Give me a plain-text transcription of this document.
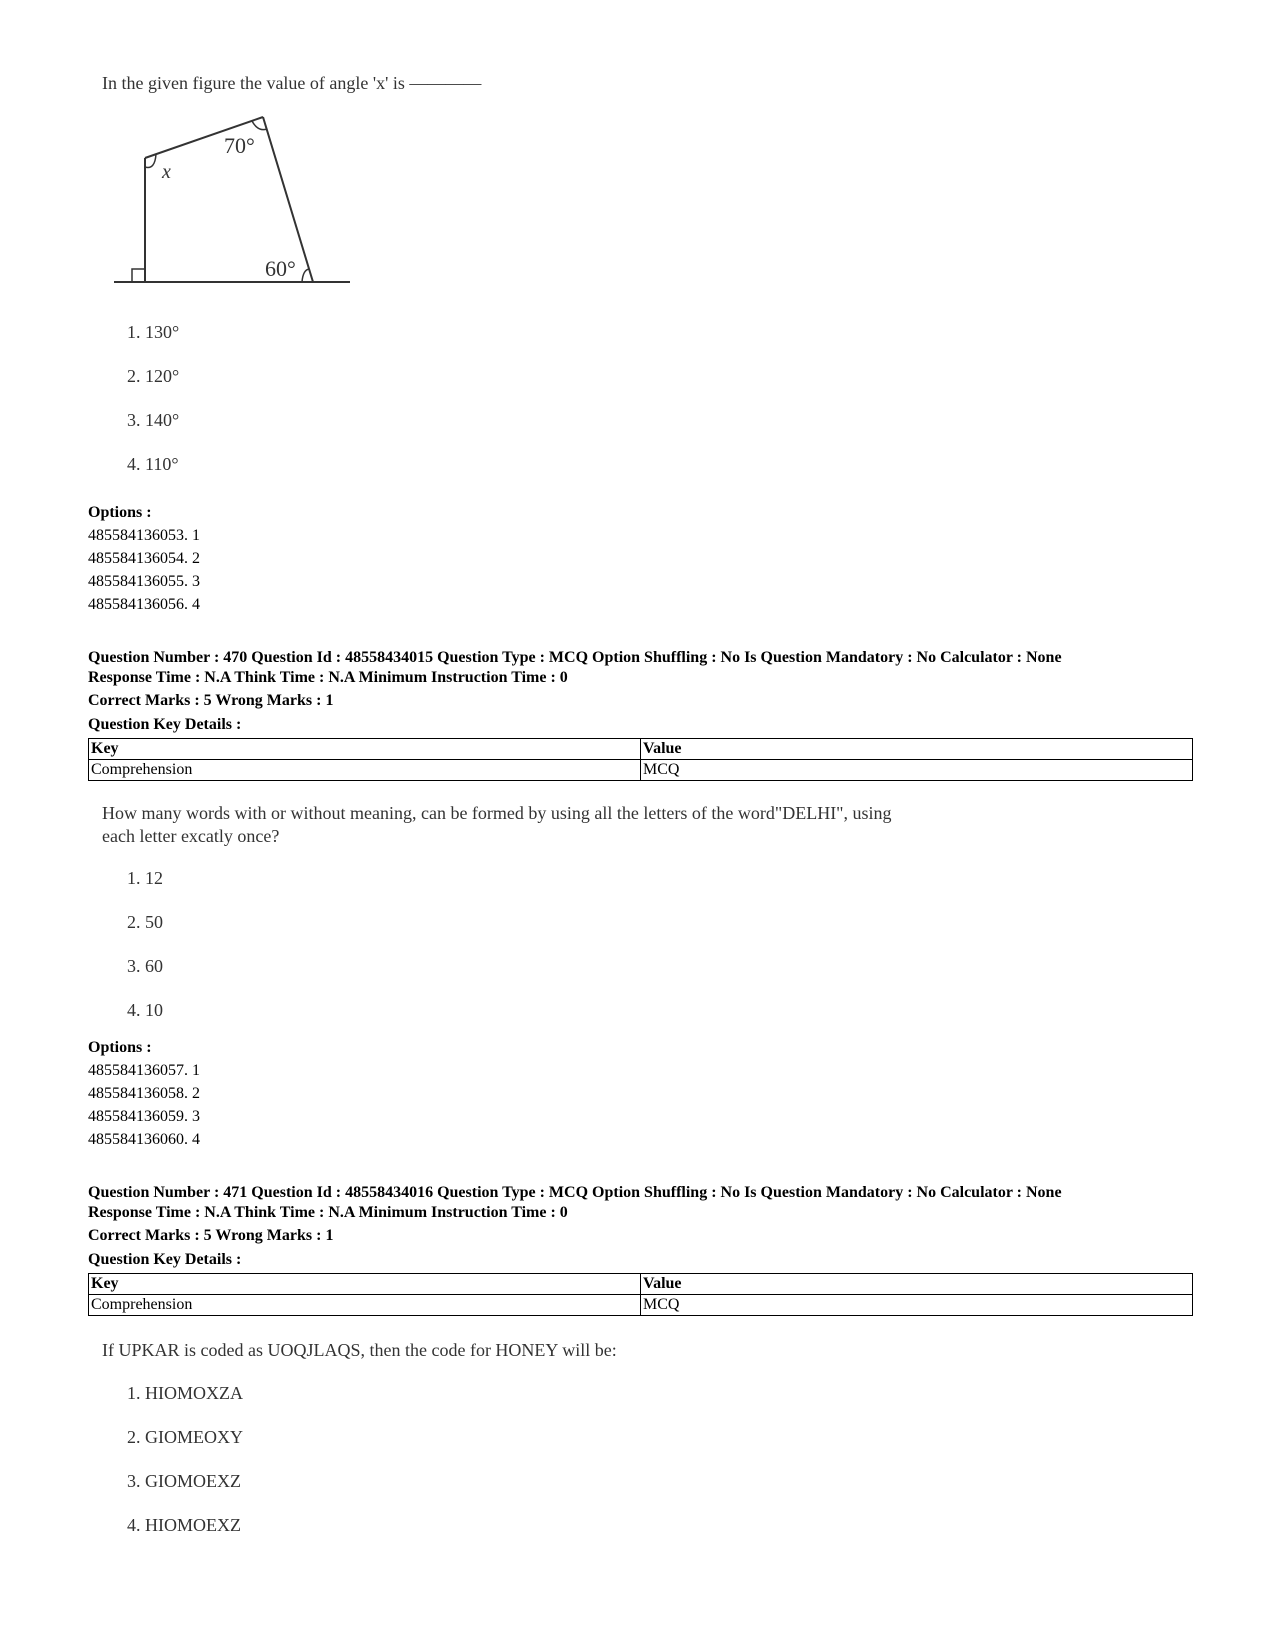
In the given figure the value of angle 'x' is ————
70°
x
60°
1. 130°
2. 120°
3. 140°
4. 110°
Options :
485584136053. 1
485584136054. 2
485584136055. 3
485584136056. 4
Question Number : 470 Question Id : 48558434015 Question Type : MCQ Option Shuffling : No Is Question Mandatory : No Calculator : None
Response Time : N.A Think Time : N.A Minimum Instruction Time : 0
Correct Marks : 5 Wrong Marks : 1
Question Key Details :
Key	Value
Comprehension	MCQ
How many words with or without meaning, can be formed by using all the letters of the word"DELHI", using
each letter excatly once?
1. 12
2. 50
3. 60
4. 10
Options :
485584136057. 1
485584136058. 2
485584136059. 3
485584136060. 4
Question Number : 471 Question Id : 48558434016 Question Type : MCQ Option Shuffling : No Is Question Mandatory : No Calculator : None
Response Time : N.A Think Time : N.A Minimum Instruction Time : 0
Correct Marks : 5 Wrong Marks : 1
Question Key Details :
Key	Value
Comprehension	MCQ
If UPKAR is coded as UOQJLAQS, then the code for HONEY will be:
1. HIOMOXZA
2. GIOMEOXY
3. GIOMOEXZ
4. HIOMOEXZ
